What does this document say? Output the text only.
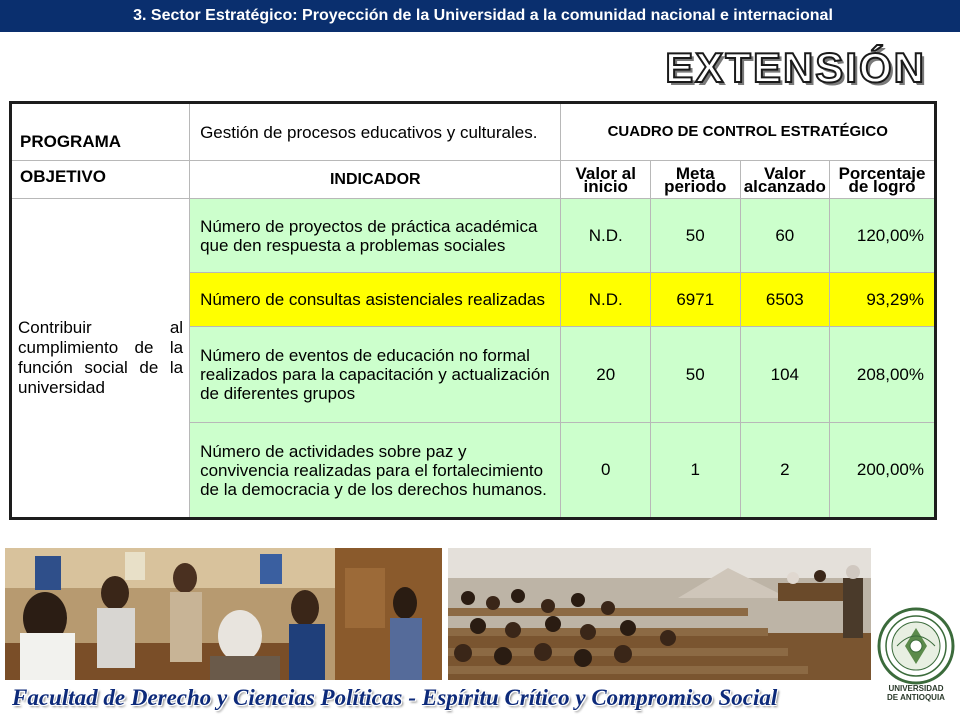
3. Sector Estratégico: Proyección de la Universidad a la comunidad nacional e internacional
EXTENSIÓN
PROGRAMA	Gestión de procesos educativos y culturales.	CUADRO DE CONTROL ESTRATÉGICO			
OBJETIVO	INDICADOR	Valor al inicio	Meta periodo	Valor alcanzado	Porcentaje de logro
Contribuir al cumplimiento de la función social de la universidad	Número de proyectos de práctica académica que den respuesta a problemas sociales	N.D.	50	60	120,00%
	Número de consultas asistenciales realizadas	N.D.	6971	6503	93,29%
	Número de eventos de educación no formal realizados para la capacitación y actualización de diferentes grupos	20	50	104	208,00%
	Número de actividades sobre paz y convivencia realizadas para el fortalecimiento de la democracia y de los derechos humanos.	0	1	2	200,00%
UNIVERSIDAD
DE ANTIOQUIA
Facultad de Derecho y Ciencias Políticas - Espíritu Crítico y Compromiso Social
